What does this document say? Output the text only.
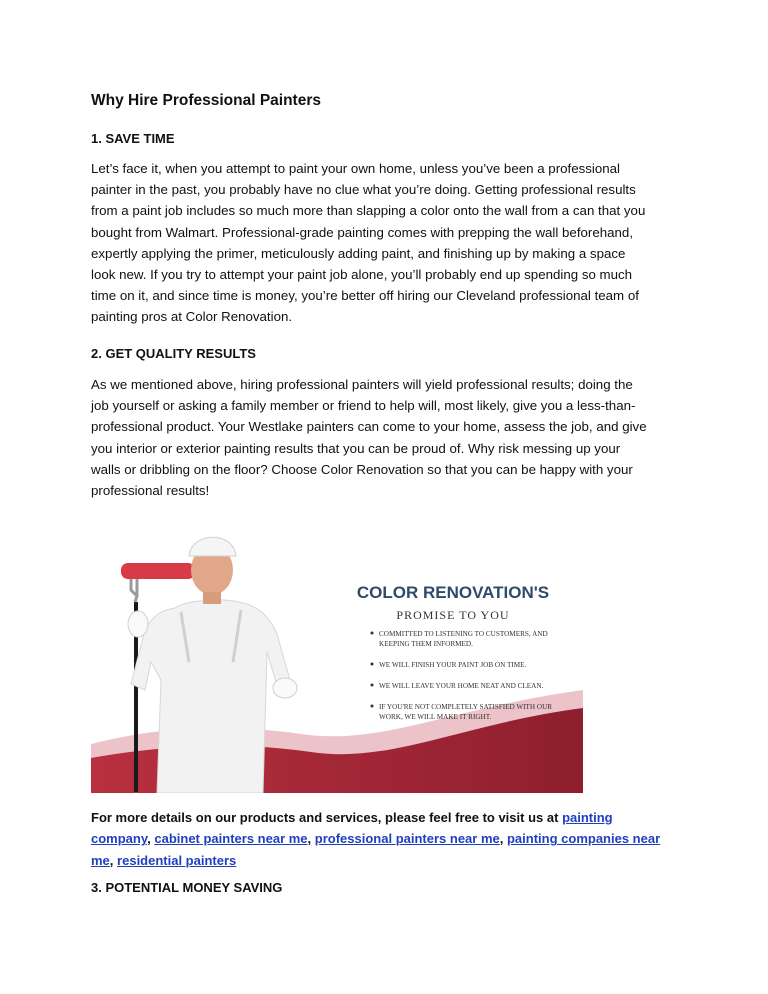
Why Hire Professional Painters
1. SAVE TIME
Let’s face it, when you attempt to paint your own home, unless you’ve been a professional
painter in the past, you probably have no clue what you’re doing. Getting professional results
from a paint job includes so much more than slapping a color onto the wall from a can that you
bought from Walmart. Professional-grade painting comes with prepping the wall beforehand,
expertly applying the primer, meticulously adding paint, and finishing up by making a space
look new. If you try to attempt your paint job alone, you’ll probably end up spending so much
time on it, and since time is money, you’re better off hiring our Cleveland professional team of
painting pros at Color Renovation.
2. GET QUALITY RESULTS
As we mentioned above, hiring professional painters will yield professional results; doing the
job yourself or asking a family member or friend to help will, most likely, give you a less-than-
professional product. Your Westlake painters can come to your home, assess the job, and give
you interior or exterior painting results that you can be proud of. Why risk messing up your
walls or dribbling on the floor? Choose Color Renovation so that you can be happy with your
professional results!
COLOR RENOVATION'S
PROMISE TO YOU
COMMITTED TO LISTENING TO CUSTOMERS, AND
KEEPING THEM INFORMED.
WE WILL FINISH YOUR PAINT JOB ON TIME.
WE WILL LEAVE YOUR HOME NEAT AND CLEAN.
IF YOU'RE NOT COMPLETELY SATISFIED WITH OUR
WORK, WE WILL MAKE IT RIGHT.
For more details on our products and services, please feel free to visit us at painting
company, cabinet painters near me, professional painters near me, painting companies near
me, residential painters
3. POTENTIAL MONEY SAVING
